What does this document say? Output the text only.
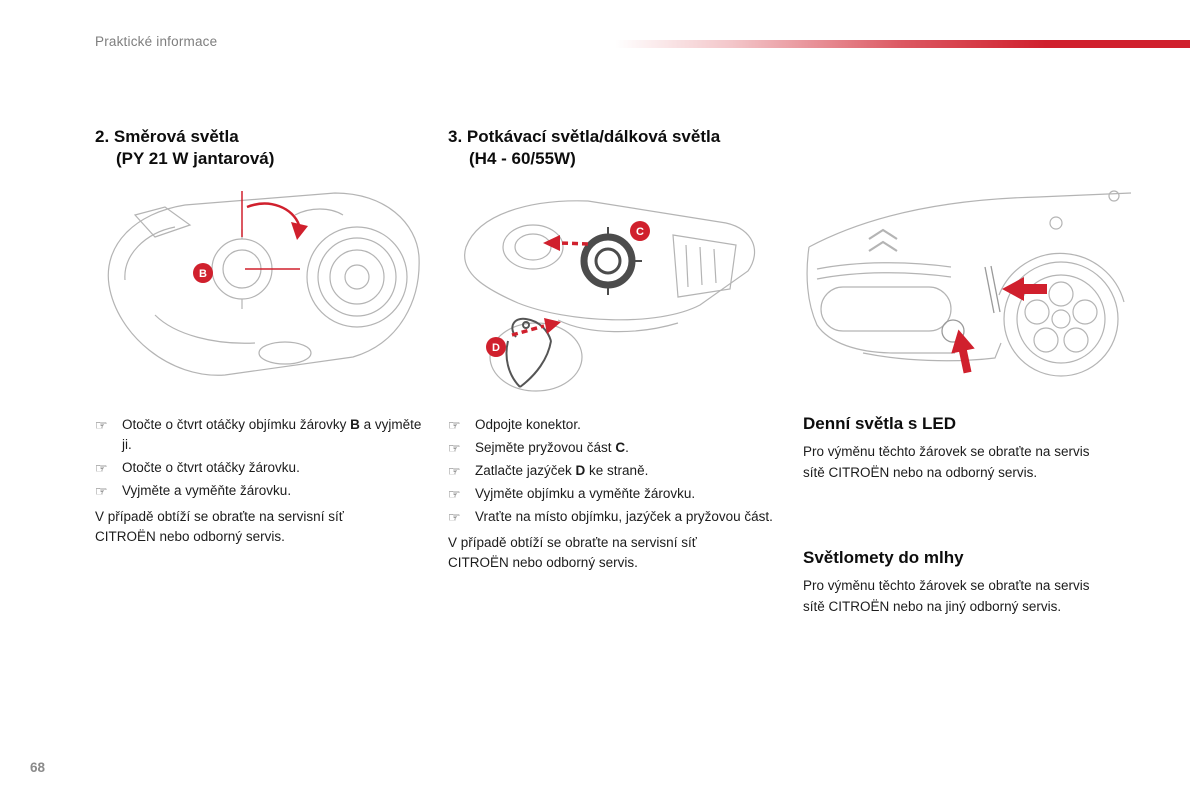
Praktické informace
2. Směrová světla
(PY 21 W jantarová)
B
☞	Otočte o čtvrt otáčky objímku žárovky B a vyjměte ji.
☞	Otočte o čtvrt otáčky žárovku.
☞	Vyjměte a vyměňte žárovku.

V případě obtíží se obraťte na servisní síť CITROËN nebo odborný servis.

3. Potkávací světla/dálková světla
(H4 - 60/55W)
C
D
☞	Odpojte konektor.
☞	Sejměte pryžovou část C.
☞	Zatlačte jazýček D ke straně.
☞	Vyjměte objímku a vyměňte žárovku.
☞	Vraťte na místo objímku, jazýček a pryžovou část.

V případě obtíží se obraťte na servisní síť CITROËN nebo odborný servis.

Denní světla s LED

Pro výměnu těchto žárovek se obraťte na servis sítě CITROËN nebo na odborný servis.

Světlomety do mlhy

Pro výměnu těchto žárovek se obraťte na servis sítě CITROËN nebo na jiný odborný servis.

68
